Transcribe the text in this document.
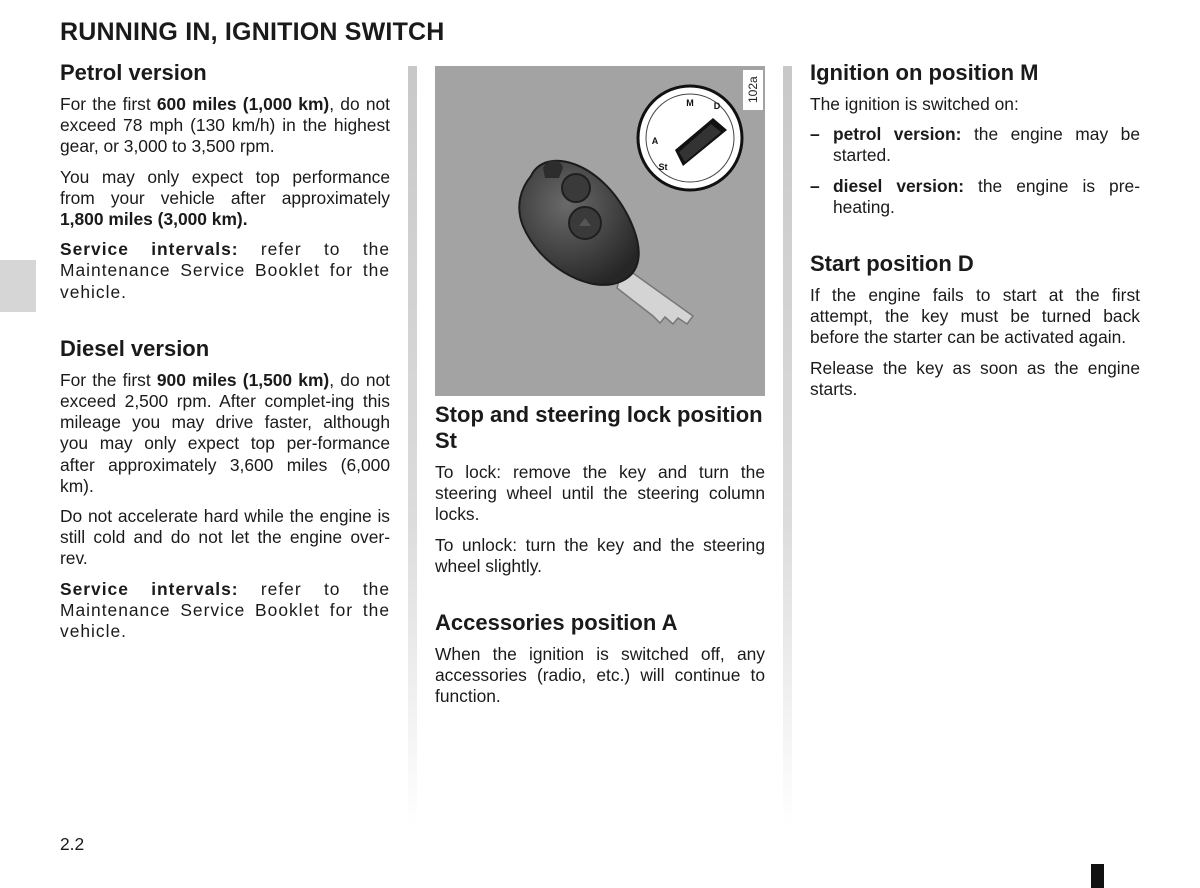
RUNNING IN, IGNITION SWITCH
Petrol version

For the first 600 miles (1,000 km), do not exceed 78 mph (130 km/h) in the highest gear, or 3,000 to 3,500 rpm.

You may only expect top performance from your vehicle after approximately 1,800 miles (3,000 km).

Service intervals: refer to the Maintenance Service Booklet for the vehicle.

Diesel version

For the first 900 miles (1,500 km), do not exceed 2,500 rpm. After complet-ing this mileage you may drive faster, although you may only expect top per-formance after approximately 3,600 miles (6,000 km).

Do not accelerate hard while the engine is still cold and do not let the engine over-rev.

Service intervals: refer to the Maintenance Service Booklet for the vehicle.

M
A
D
St
102a
Stop and steering lock position St

To lock: remove the key and turn the steering wheel until the steering column locks.

To unlock: turn the key and the steering wheel slightly.

Accessories position A

When the ignition is switched off, any accessories (radio, etc.) will continue to function.

Ignition on position M

The ignition is switched on:

– petrol version: the engine may be started.
– diesel version: the engine is pre-heating.
Start position D

If the engine fails to start at the first attempt, the key must be turned back before the starter can be activated again.

Release the key as soon as the engine starts.

2.2
